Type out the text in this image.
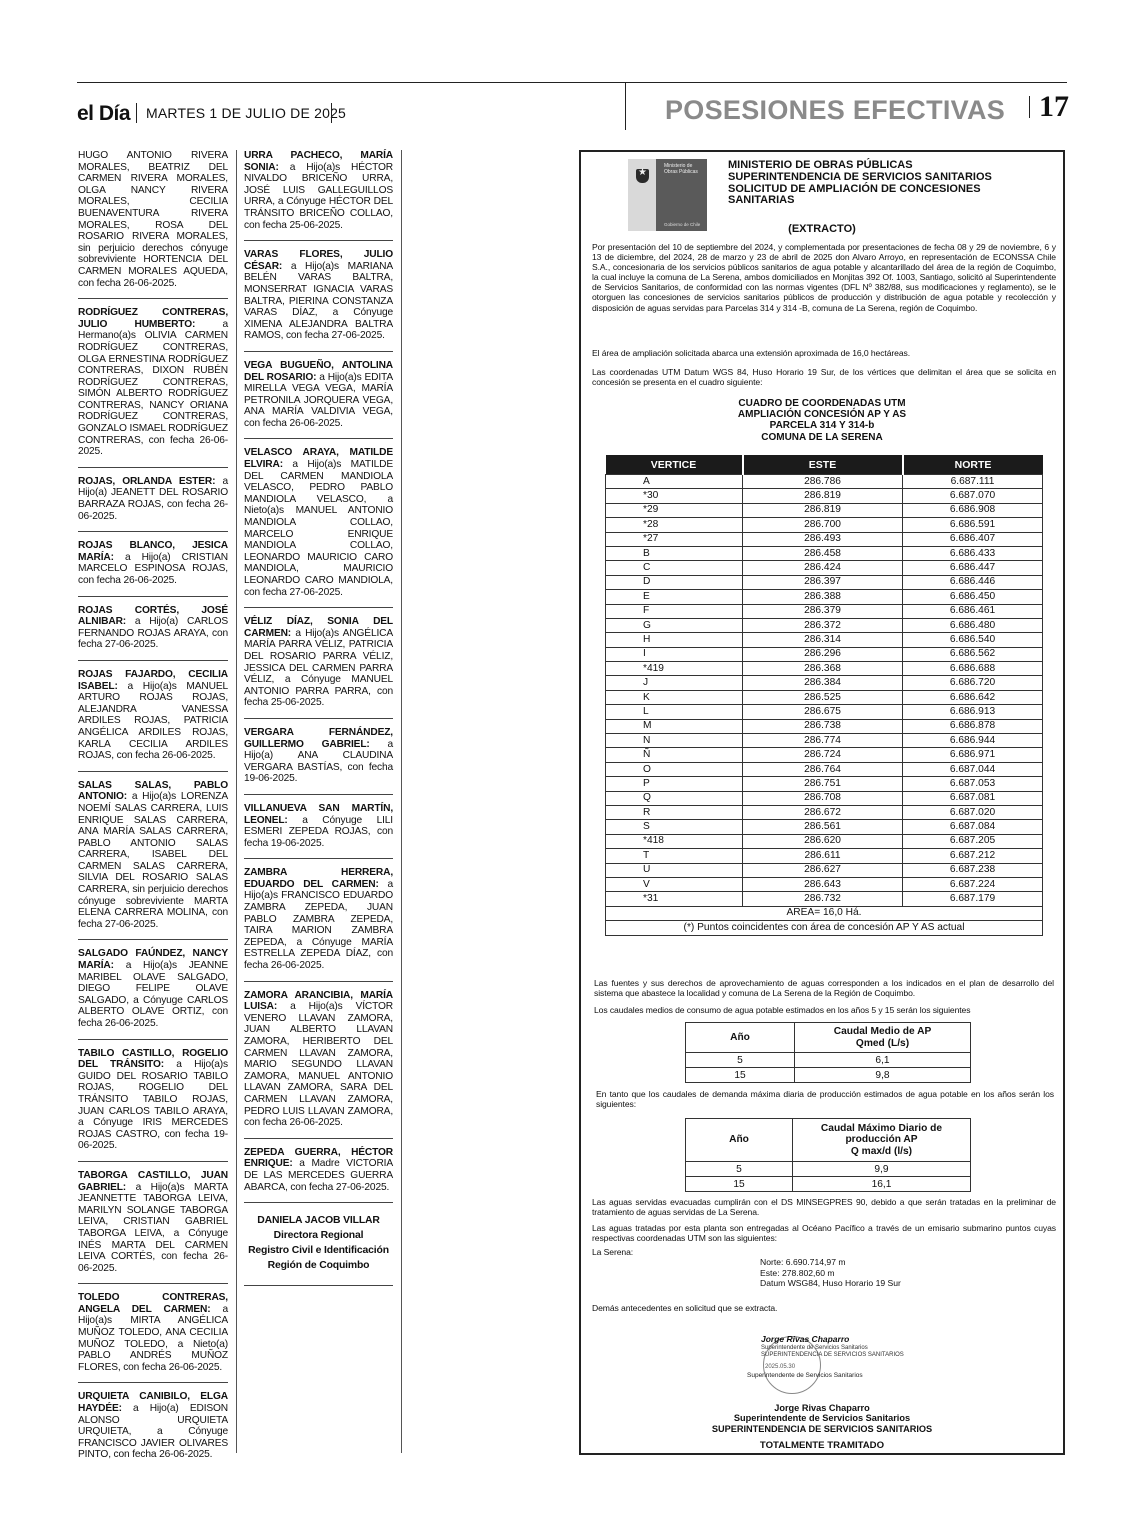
el Día MARTES 1 DE JULIO DE 2025	POSESIONES EFECTIVAS 17
HUGO ANTONIO RIVERA MORALES, BEATRIZ DEL CARMEN RIVERA MORALES, OLGA NANCY RIVERA MORALES, CECILIA BUENAVENTURA RIVERA MORALES, ROSA DEL ROSARIO RIVERA MORALES, sin perjuicio derechos cónyuge sobreviviente HORTENCIA DEL CARMEN MORALES AQUEDA, con fecha 26-06-2025.
RODRÍGUEZ CONTRERAS, JULIO HUMBERTO: a Hermano(a)s OLIVIA CARMEN RODRÍGUEZ CONTRERAS, OLGA ERNESTINA RODRÍGUEZ CONTRERAS, DIXON RUBÉN RODRÍGUEZ CONTRERAS, SIMÓN ALBERTO RODRÍGUEZ CONTRERAS, NANCY ORIANA RODRÍGUEZ CONTRERAS, GONZALO ISMAEL RODRÍGUEZ CONTRERAS, con fecha 26-06-2025.
ROJAS, ORLANDA ESTER: a Hijo(a) JEANETT DEL ROSARIO BARRAZA ROJAS, con fecha 26-06-2025.
ROJAS BLANCO, JESICA MARÍA: a Hijo(a) CRISTIAN MARCELO ESPINOSA ROJAS, con fecha 26-06-2025.
ROJAS CORTÉS, JOSÉ ALNIBAR: a Hijo(a) CARLOS FERNANDO ROJAS ARAYA, con fecha 27-06-2025.
ROJAS FAJARDO, CECILIA ISABEL: a Hijo(a)s MANUEL ARTURO ROJAS ROJAS, ALEJANDRA VANESSA ARDILES ROJAS, PATRICIA ANGÉLICA ARDILES ROJAS, KARLA CECILIA ARDILES ROJAS, con fecha 26-06-2025.
SALAS SALAS, PABLO ANTONIO: a Hijo(a)s LORENZA NOEMÍ SALAS CARRERA, LUIS ENRIQUE SALAS CARRERA, ANA MARÍA SALAS CARRERA, PABLO ANTONIO SALAS CARRERA, ISABEL DEL CARMEN SALAS CARRERA, SILVIA DEL ROSARIO SALAS CARRERA, sin perjuicio derechos cónyuge sobreviviente MARTA ELENA CARRERA MOLINA, con fecha 27-06-2025.
SALGADO FAÚNDEZ, NANCY MARÍA: a Hijo(a)s JEANNE MARIBEL OLAVE SALGADO, DIEGO FELIPE OLAVE SALGADO, a Cónyuge CARLOS ALBERTO OLAVE ORTIZ, con fecha 26-06-2025.
TABILO CASTILLO, ROGELIO DEL TRÁNSITO: a Hijo(a)s GUIDO DEL ROSARIO TABILO ROJAS, ROGELIO DEL TRÁNSITO TABILO ROJAS, JUAN CARLOS TABILO ARAYA, a Cónyuge IRIS MERCEDES ROJAS CASTRO, con fecha 19-06-2025.
TABORGA CASTILLO, JUAN GABRIEL: a Hijo(a)s MARTA JEANNETTE TABORGA LEIVA, MARILYN SOLANGE TABORGA LEIVA, CRISTIAN GABRIEL TABORGA LEIVA, a Cónyuge INÉS MARTA DEL CARMEN LEIVA CORTÉS, con fecha 26-06-2025.
TOLEDO CONTRERAS, ANGELA DEL CARMEN: a Hijo(a)s MIRTA ANGÉLICA MUÑOZ TOLEDO, ANA CECILIA MUÑOZ TOLEDO, a Nieto(a) PABLO ANDRÉS MUÑOZ FLORES, con fecha 26-06-2025.
URQUIETA CANIBILO, ELGA HAYDÉE: a Hijo(a) EDISON ALONSO URQUIETA URQUIETA, a Cónyuge FRANCISCO JAVIER OLIVARES PINTO, con fecha 26-06-2025.
URRA PACHECO, MARÍA SONIA: a Hijo(a)s HÉCTOR NIVALDO BRICEÑO URRA, JOSÉ LUIS GALLEGUILLOS URRA, a Cónyuge HÉCTOR DEL TRÁNSITO BRICEÑO COLLAO, con fecha 25-06-2025.
VARAS FLORES, JULIO CÉSAR: a Hijo(a)s MARIANA BELÉN VARAS BALTRA, MONSERRAT IGNACIA VARAS BALTRA, PIERINA CONSTANZA VARAS DÍAZ, a Cónyuge XIMENA ALEJANDRA BALTRA RAMOS, con fecha 27-06-2025.
VEGA BUGUEÑO, ANTOLINA DEL ROSARIO: a Hijo(a)s EDITA MIRELLA VEGA VEGA, MARÍA PETRONILA JORQUERA VEGA, ANA MARÍA VALDIVIA VEGA, con fecha 26-06-2025.
VELASCO ARAYA, MATILDE ELVIRA: a Hijo(a)s MATILDE DEL CARMEN MANDIOLA VELASCO, PEDRO PABLO MANDIOLA VELASCO, a Nieto(a)s MANUEL ANTONIO MANDIOLA COLLAO, MARCELO ENRIQUE MANDIOLA COLLAO, LEONARDO MAURICIO CARO MANDIOLA, MAURICIO LEONARDO CARO MANDIOLA, con fecha 27-06-2025.
VÉLIZ DÍAZ, SONIA DEL CARMEN: a Hijo(a)s ANGÉLICA MARÍA PARRA VÉLIZ, PATRICIA DEL ROSARIO PARRA VÉLIZ, JESSICA DEL CARMEN PARRA VÉLIZ, a Cónyuge MANUEL ANTONIO PARRA PARRA, con fecha 25-06-2025.
VERGARA FERNÁNDEZ, GUILLERMO GABRIEL: a Hijo(a) ANA CLAUDINA VERGARA BASTÍAS, con fecha 19-06-2025.
VILLANUEVA SAN MARTÍN, LEONEL: a Cónyuge LILI ESMERI ZEPEDA ROJAS, con fecha 19-06-2025.
ZAMBRA HERRERA, EDUARDO DEL CARMEN: a Hijo(a)s FRANCISCO EDUARDO ZAMBRA ZEPEDA, JUAN PABLO ZAMBRA ZEPEDA, TAIRA MARION ZAMBRA ZEPEDA, a Cónyuge MARÍA ESTRELLA ZEPEDA DÍAZ, con fecha 26-06-2025.
ZAMORA ARANCIBIA, MARÍA LUISA: a Hijo(a)s VÍCTOR VENERO LLAVAN ZAMORA, JUAN ALBERTO LLAVAN ZAMORA, HERIBERTO DEL CARMEN LLAVAN ZAMORA, MARIO SEGUNDO LLAVAN ZAMORA, MANUEL ANTONIO LLAVAN ZAMORA, SARA DEL CARMEN LLAVAN ZAMORA, PEDRO LUIS LLAVAN ZAMORA, con fecha 26-06-2025.
ZEPEDA GUERRA, HÉCTOR ENRIQUE: a Madre VICTORIA DE LAS MERCEDES GUERRA ABARCA, con fecha 27-06-2025.
DANIELA JACOB VILLAR
Directora Regional
Registro Civil e Identificación
Región de Coquimbo
★
Ministerio de Obras Públicas
Gobierno de Chile
MINISTERIO DE OBRAS PÚBLICAS
SUPERINTENDENCIA DE SERVICIOS SANITARIOS
SOLICITUD DE AMPLIACIÓN DE CONCESIONES SANITARIAS
(EXTRACTO)
Por presentación del 10 de septiembre del 2024, y complementada por presentaciones de fecha 08 y 29 de noviembre, 6 y 13 de diciembre, del 2024, 28 de marzo y 23 de abril de 2025 don Alvaro Arroyo, en representación de ECONSSA Chile S.A., concesionaria de los servicios públicos sanitarios de agua potable y alcantarillado del área de la región de Coquimbo, la cual incluye la comuna de La Serena, ambos domiciliados en Monjitas 392 Of. 1003, Santiago, solicitó al Superintendente de Servicios Sanitarios, de conformidad con las normas vigentes (DFL Nº 382/88, sus modificaciones y reglamento), se le otorguen las concesiones de servicios sanitarios públicos de producción y distribución de agua potable y recolección y disposición de aguas servidas para Parcelas 314 y 314 -B, comuna de La Serena, región de Coquimbo.
El área de ampliación solicitada abarca una extensión aproximada de 16,0 hectáreas.
Las coordenadas UTM Datum WGS 84, Huso Horario 19 Sur, de los vértices que delimitan el área que se solicita en concesión se presenta en el cuadro siguiente:
CUADRO DE COORDENADAS UTM
AMPLIACIÓN CONCESIÓN AP Y AS
PARCELA 314 Y 314-b
COMUNA DE LA SERENA
VERTICE	ESTE	NORTE
A	286.786	6.687.111
*30	286.819	6.687.070
*29	286.819	6.686.908
*28	286.700	6.686.591
*27	286.493	6.686.407
B	286.458	6.686.433
C	286.424	6.686.447
D	286.397	6.686.446
E	286.388	6.686.450
F	286.379	6.686.461
G	286.372	6.686.480
H	286.314	6.686.540
I	286.296	6.686.562
*419	286.368	6.686.688
J	286.384	6.686.720
K	286.525	6.686.642
L	286.675	6.686.913
M	286.738	6.686.878
N	286.774	6.686.944
Ñ	286.724	6.686.971
O	286.764	6.687.044
P	286.751	6.687.053
Q	286.708	6.687.081
R	286.672	6.687.020
S	286.561	6.687.084
*418	286.620	6.687.205
T	286.611	6.687.212
U	286.627	6.687.238
V	286.643	6.687.224
*31	286.732	6.687.179
AREA= 16,0 Há.		
(*) Puntos coincidentes con área de concesión AP Y AS actual		
Las fuentes y sus derechos de aprovechamiento de aguas corresponden a los indicados en el plan de desarrollo del sistema que abastece la localidad y comuna de La Serena de la Región de Coquimbo.
Los caudales medios de consumo de agua potable estimados en los años 5 y 15 serán los siguientes
Año	Caudal Medio de AP
Qmed (L/s)

5	6,1
15	9,8
En tanto que los caudales de demanda máxima diaria de producción estimados de agua potable en los años serán los siguientes:
Año	Caudal Máximo Diario de
producción AP
Q max/d (l/s)

5	9,9
15	16,1
Las aguas servidas evacuadas cumplirán con el DS MINSEGPRES 90, debido a que serán tratadas en la preliminar de tratamiento de aguas servidas de La Serena.
Las aguas tratadas por esta planta son entregadas al Océano Pacífico a través de un emisario submarino puntos cuyas respectivas coordenadas UTM son las siguientes:
La Serena:
Norte: 6.690.714,97 m
Este: 278.802,60 m
Datum WSG84, Huso Horario 19 Sur
Demás antecedentes en solicitud que se extracta.
Jorge Rivas Chaparro
Superintendente de Servicios Sanitarios
SUPERINTENDENCIA DE SERVICIOS SANITARIOS
2025.05.30
Superintendente de Servicios Sanitarios
Jorge Rivas Chaparro
Superintendente de Servicios Sanitarios
SUPERINTENDENCIA DE SERVICIOS SANITARIOS
TOTALMENTE TRAMITADO
